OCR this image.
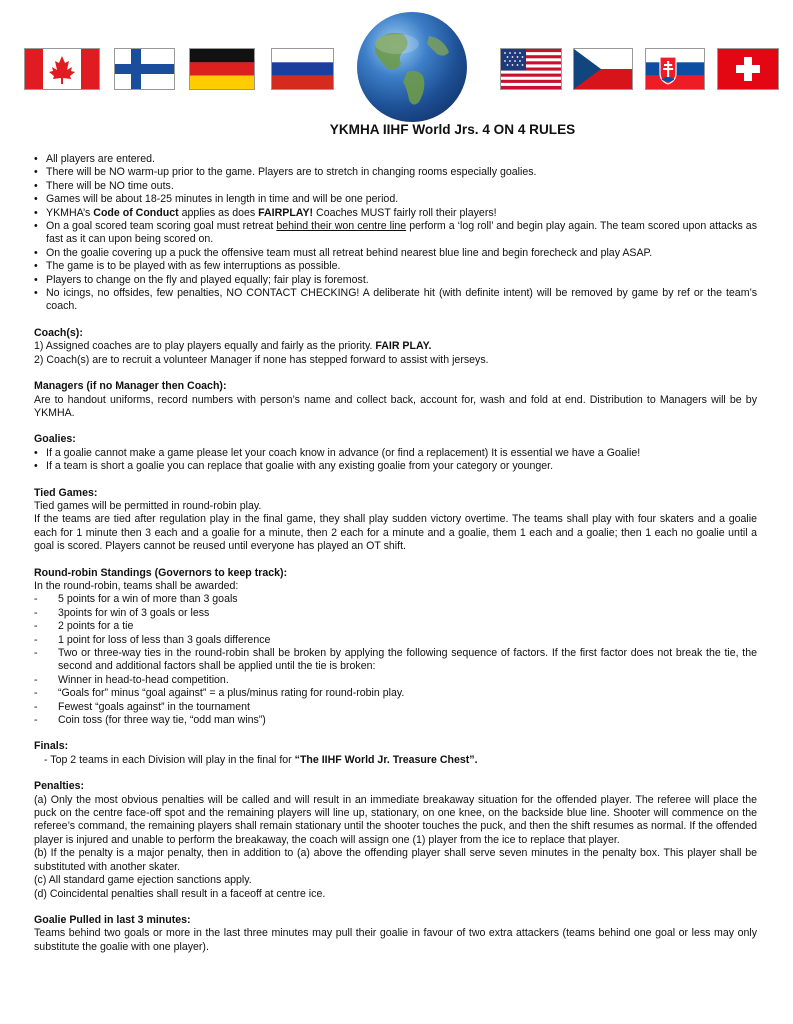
YKMHA IIHF World Jrs. 4 ON 4 RULES
• All players are entered.
• There will be NO warm-up prior to the game. Players are to stretch in changing rooms especially goalies.
• There will be NO time outs.
• Games will be about 18-25 minutes in length in time and will be one period.
• YKMHA’s Code of Conduct applies as does FAIRPLAY! Coaches MUST fairly roll their players!
• On a goal scored team scoring goal must retreat behind their won centre line perform a ‘log roll’ and begin play again. The team scored upon attacks as fast as it can upon being scored on.
• On the goalie covering up a puck the offensive team must all retreat behind nearest blue line and begin forecheck and play ASAP.
• The game is to be played with as few interruptions as possible.
• Players to change on the fly and played equally; fair play is foremost.
• No icings, no offsides, few penalties, NO CONTACT CHECKING! A deliberate hit (with definite intent) will be removed by game by ref or the team’s coach.
Coach(s):
1) Assigned coaches are to play players equally and fairly as the priority. FAIR PLAY.
2) Coach(s) are to recruit a volunteer Manager if none has stepped forward to assist with jerseys.
Managers (if no Manager then Coach):
Are to handout uniforms, record numbers with person’s name and collect back, account for, wash and fold at end. Distribution to Managers will be by YKMHA.
Goalies:
• If a goalie cannot make a game please let your coach know in advance (or find a replacement) It is essential we have a Goalie!
• If a team is short a goalie you can replace that goalie with any existing goalie from your category or younger.
Tied Games:
Tied games will be permitted in round-robin play.
If the teams are tied after regulation play in the final game, they shall play sudden victory overtime. The teams shall play with four skaters and a goalie each for 1 minute then 3 each and a goalie for a minute, then 2 each for a minute and a goalie, them 1 each and a goalie; then 1 each no goalie until a goal is scored. Players cannot be reused until everyone has played an OT shift.
Round-robin Standings (Governors to keep track):
In the round-robin, teams shall be awarded:
- 5 points for a win of more than 3 goals
- 3points for win of 3 goals or less
- 2 points for a tie
- 1 point for loss of less than 3 goals difference
- Two or three-way ties in the round-robin shall be broken by applying the following sequence of factors. If the first factor does not break the tie, the second and additional factors shall be applied until the tie is broken:
- Winner in head-to-head competition.
- “Goals for” minus “goal against” = a plus/minus rating for round-robin play.
- Fewest “goals against” in the tournament
- Coin toss (for three way tie, “odd man wins”)
Finals:
- Top 2 teams in each Division will play in the final for “The IIHF World Jr. Treasure Chest”.
Penalties:
(a) Only the most obvious penalties will be called and will result in an immediate breakaway situation for the offended player. The referee will place the puck on the centre face-off spot and the remaining players will line up, stationary, on one knee, on the backside blue line. Shooter will commence on the referee’s command, the remaining players shall remain stationary until the shooter touches the puck, and then the shift resumes as normal. If the offended player is injured and unable to perform the breakaway, the coach will assign one (1) player from the ice to replace that player.
(b) If the penalty is a major penalty, then in addition to (a) above the offending player shall serve seven minutes in the penalty box. This player shall be substituted with another skater.
(c) All standard game ejection sanctions apply.
(d) Coincidental penalties shall result in a faceoff at centre ice.
Goalie Pulled in last 3 minutes:
Teams behind two goals or more in the last three minutes may pull their goalie in favour of two extra attackers (teams behind one goal or less may only substitute the goalie with one player).
